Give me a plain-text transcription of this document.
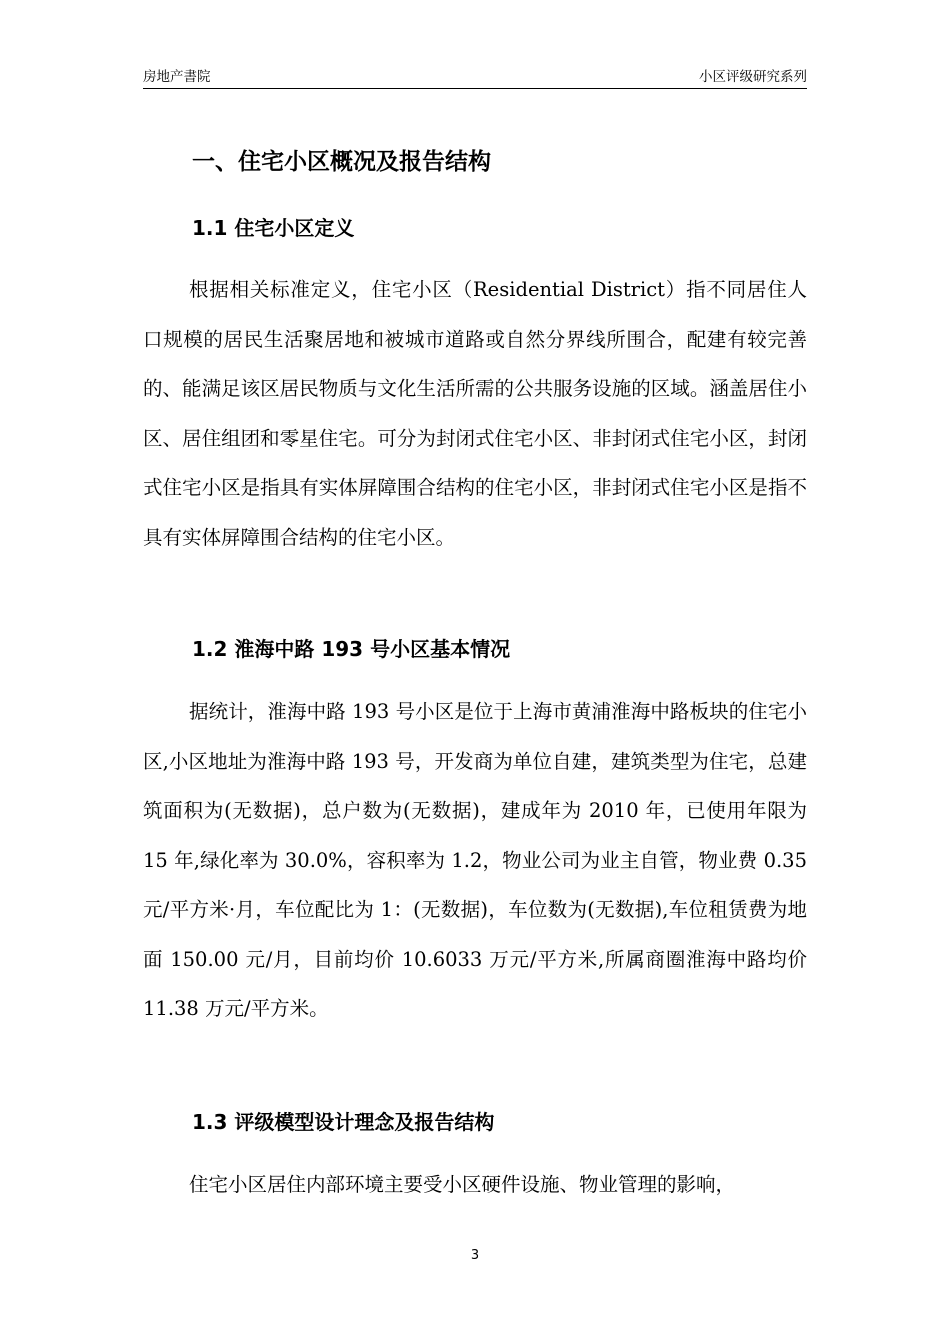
房地产書院	小区评级研究系列
一、住宅小区概况及报告结构
1.1 住宅小区定义

根据相关标准定义，住宅小区（Residential District）指不同居住人口规模的居民生活聚居地和被城市道路或自然分界线所围合，配建有较完善的、能满足该区居民物质与文化生活所需的公共服务设施的区域。涵盖居住小区、居住组团和零星住宅。可分为封闭式住宅小区、非封闭式住宅小区，封闭式住宅小区是指具有实体屏障围合结构的住宅小区，非封闭式住宅小区是指不具有实体屏障围合结构的住宅小区。

1.2 淮海中路 193 号小区基本情况

据统计，淮海中路 193 号小区是位于上海市黄浦淮海中路板块的住宅小区,小区地址为淮海中路 193 号，开发商为单位自建，建筑类型为住宅，总建筑面积为(无数据)，总户数为(无数据)，建成年为 2010 年，已使用年限为 15 年,绿化率为 30.0%，容积率为 1.2，物业公司为业主自管，物业费 0.35 元/平方米·月，车位配比为 1：(无数据)，车位数为(无数据),车位租赁费为地面 150.00 元/月，目前均价 10.6033 万元/平方米,所属商圈淮海中路均价 11.38 万元/平方米。

1.3 评级模型设计理念及报告结构

住宅小区居住内部环境主要受小区硬件设施、物业管理的影响，

3
